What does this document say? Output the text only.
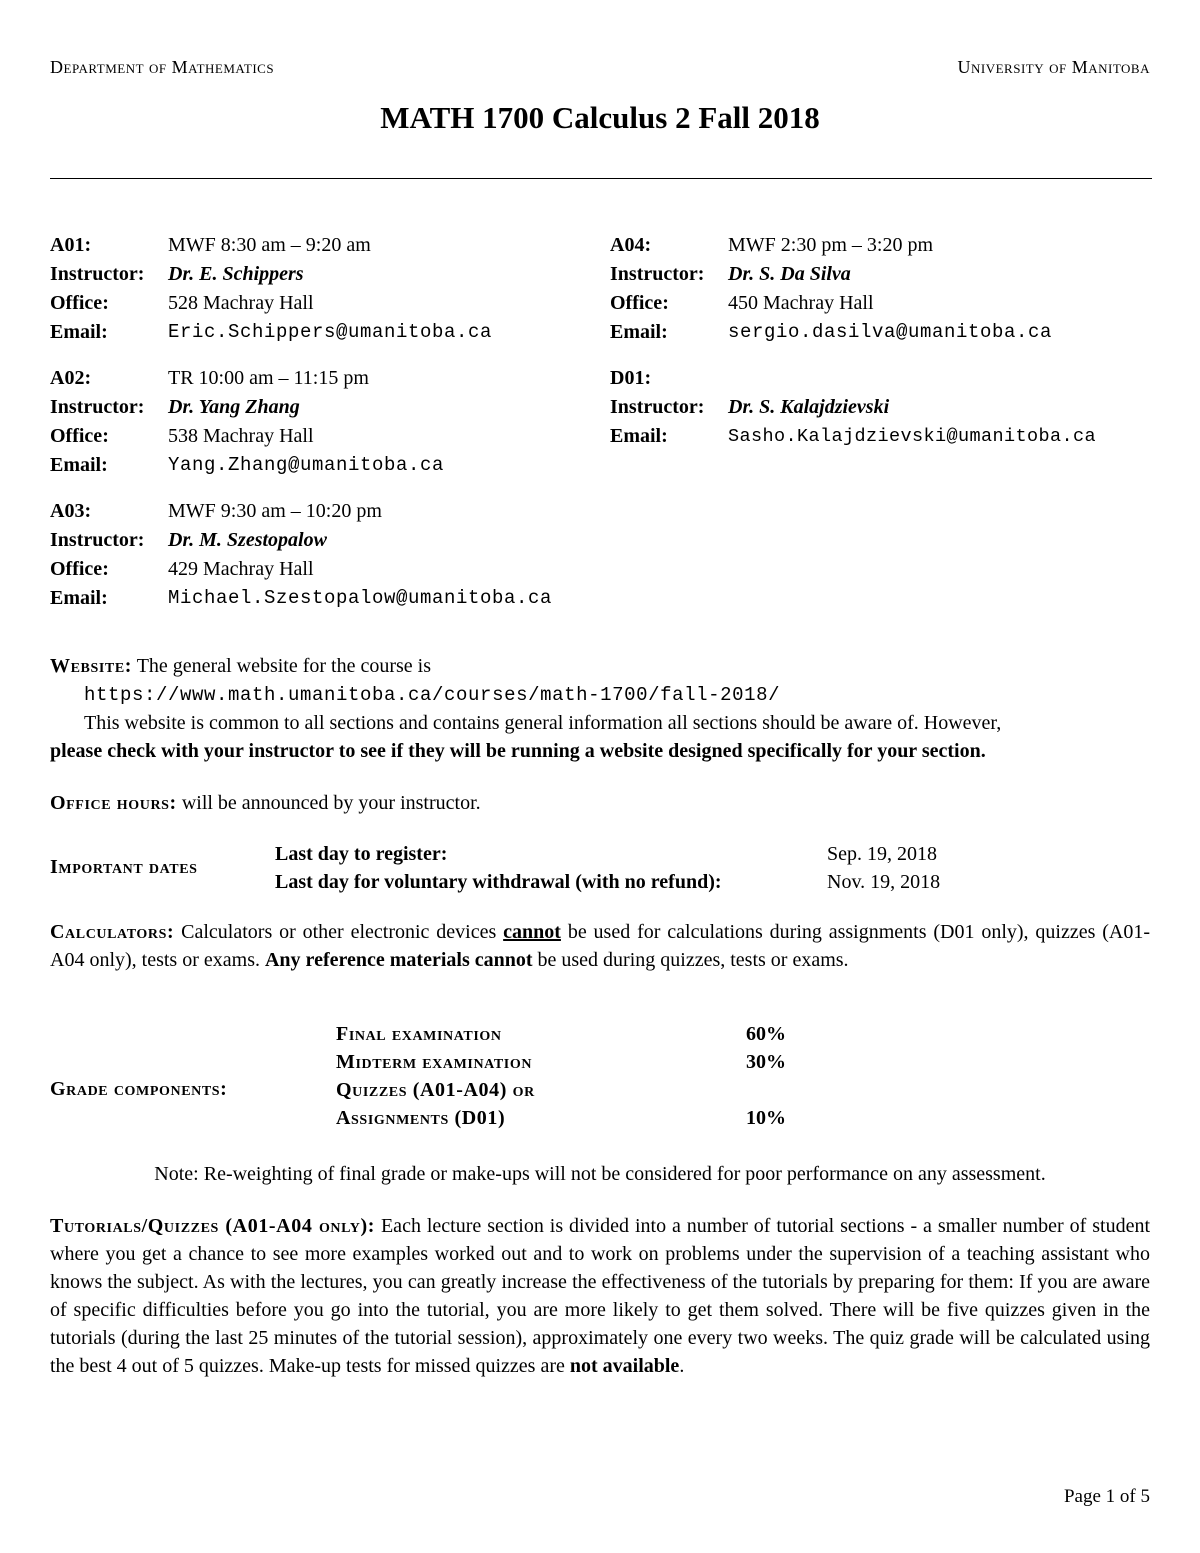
Department of Mathematics	University of Manitoba
MATH 1700 Calculus 2 Fall 2018
A01:	MWF 8:30 am – 9:20 am
Instructor:	Dr. E. Schippers
Office:	528 Machray Hall
Email:	Eric.Schippers@umanitoba.ca
A02:	TR 10:00 am – 11:15 pm
Instructor:	Dr. Yang Zhang
Office:	538 Machray Hall
Email:	Yang.Zhang@umanitoba.ca
A03:	MWF 9:30 am – 10:20 pm
Instructor:	Dr. M. Szestopalow
Office:	429 Machray Hall
Email:	Michael.Szestopalow@umanitoba.ca
A04:	MWF 2:30 pm – 3:20 pm
Instructor:	Dr. S. Da Silva
Office:	450 Machray Hall
Email:	sergio.dasilva@umanitoba.ca
D01:
Instructor:	Dr. S. Kalajdzievski
Email:	Sasho.Kalajdzievski@umanitoba.ca
Website: The general website for the course is
https://www.math.umanitoba.ca/courses/math-1700/fall-2018/
This website is common to all sections and contains general information all sections should be aware of. However,
please check with your instructor to see if they will be running a website designed specifically for your section.
Office hours: will be announced by your instructor.
Important dates
Last day to register:	Sep. 19, 2018
Last day for voluntary withdrawal (with no refund):	Nov. 19, 2018
Calculators: Calculators or other electronic devices cannot be used for calculations during assignments (D01 only), quizzes (A01-A04 only), tests or exams. Any reference materials cannot be used during quizzes, tests or exams.
Grade components:
Final examination	60%
Midterm examination	30%
Quizzes (A01-A04) or
Assignments (D01)	10%
Note: Re-weighting of final grade or make-ups will not be considered for poor performance on any assessment.
Tutorials/Quizzes (A01-A04 only): Each lecture section is divided into a number of tutorial sections - a smaller number of student where you get a chance to see more examples worked out and to work on problems under the supervision of a teaching assistant who knows the subject. As with the lectures, you can greatly increase the effectiveness of the tutorials by preparing for them: If you are aware of specific difficulties before you go into the tutorial, you are more likely to get them solved. There will be five quizzes given in the tutorials (during the last 25 minutes of the tutorial session), approximately one every two weeks. The quiz grade will be calculated using the best 4 out of 5 quizzes. Make-up tests for missed quizzes are not available.
Page 1 of 5
